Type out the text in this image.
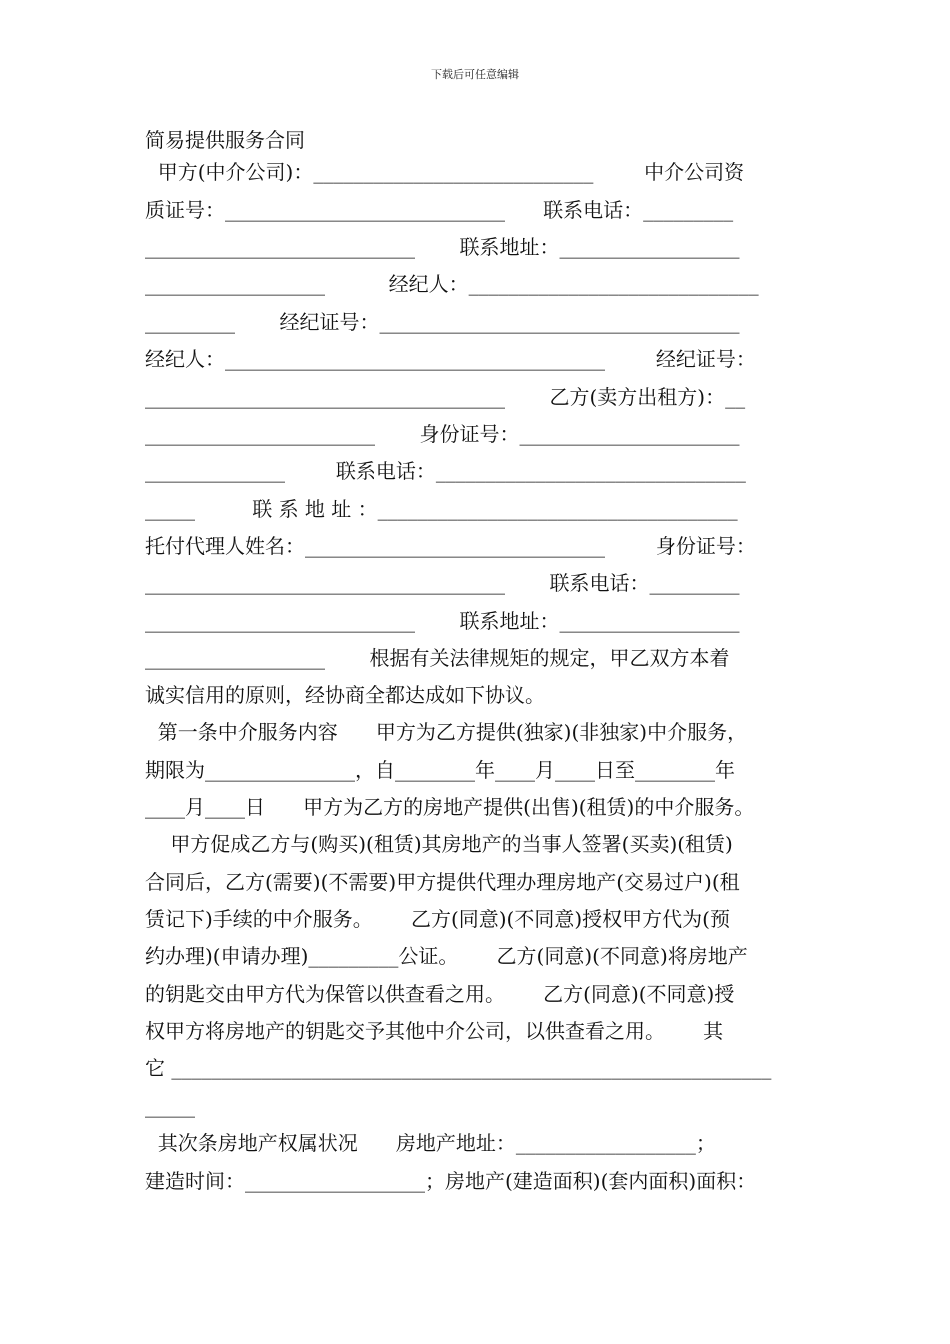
下载后可任意编辑
简易提供服务合同
甲方(中介公司)：____________________________        中介公司资
质证号：____________________________      联系电话：_________
___________________________       联系地址：__________________
__________________          经纪人：_____________________________
_________       经纪证号：____________________________________
经纪人：______________________________________        经纪证号：
____________________________________       乙方(卖方出租方)：__
_______________________       身份证号：______________________
______________        联系电话：_______________________________
_____         联 系 地 址 ：____________________________________
托付代理人姓名：______________________________        身份证号：
____________________________________       联系电话：_________
___________________________       联系地址：__________________
__________________       根据有关法律规矩的规定，甲乙双方本着
诚实信用的原则，经协商全都达成如下协议。
第一条中介服务内容      甲方为乙方提供(独家)(非独家)中介服务，
期限为_______________，自________年____月____日至________年
____月____日      甲方为乙方的房地产提供(出售)(租赁)的中介服务。
甲方促成乙方与(购买)(租赁)其房地产的当事人签署(买卖)(租赁)
合同后，乙方(需要)(不需要)甲方提供代理办理房地产(交易过户)(租
赁记下)手续的中介服务。      乙方(同意)(不同意)授权甲方代为(预
约办理)(申请办理)_________公证。      乙方(同意)(不同意)将房地产
的钥匙交由甲方代为保管以供查看之用。      乙方(同意)(不同意)授
权甲方将房地产的钥匙交予其他中介公司，以供查看之用。      其
它 ____________________________________________________________
_____
其次条房地产权属状况      房地产地址：__________________；
建造时间：__________________；房地产(建造面积)(套内面积)面积：
